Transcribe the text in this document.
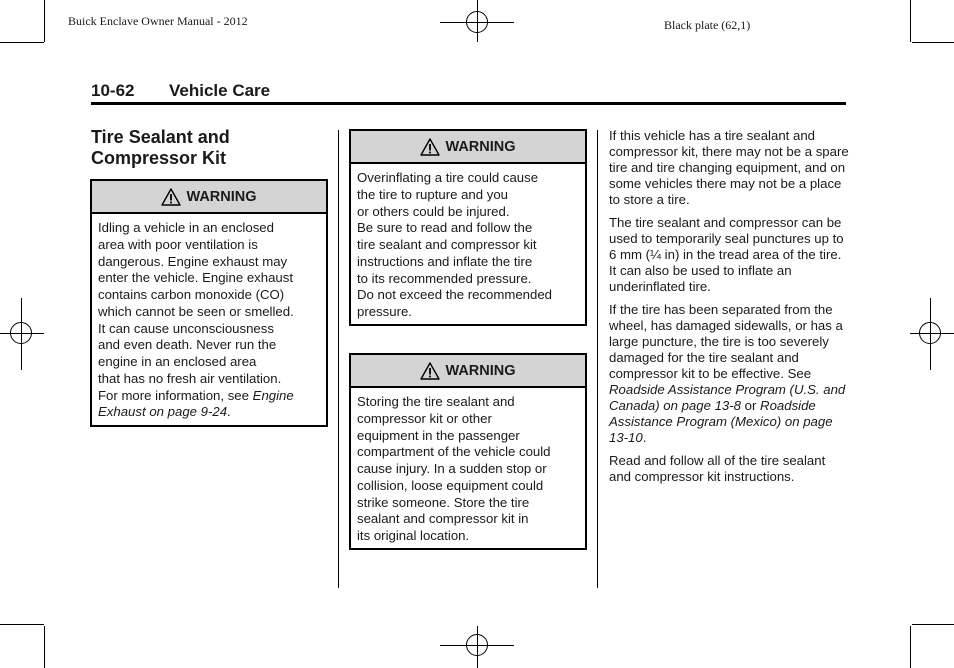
Buick Enclave Owner Manual - 2012	Black plate (62,1)
10-62 Vehicle Care
Tire Sealant and
Compressor Kit
WARNING

Idling a vehicle in an enclosed

area with poor ventilation is

dangerous. Engine exhaust may

enter the vehicle. Engine exhaust

contains carbon monoxide (CO)

which cannot be seen or smelled.

It can cause unconsciousness

and even death. Never run the

engine in an enclosed area

that has no fresh air ventilation.

For more information, see Engine

Exhaust on page 9-24.

WARNING

Overinflating a tire could cause

the tire to rupture and you

or others could be injured.

Be sure to read and follow the

tire sealant and compressor kit

instructions and inflate the tire

to its recommended pressure.

Do not exceed the recommended

pressure.

WARNING

Storing the tire sealant and

compressor kit or other

equipment in the passenger

compartment of the vehicle could

cause injury. In a sudden stop or

collision, loose equipment could

strike someone. Store the tire

sealant and compressor kit in

its original location.

If this vehicle has a tire sealant and compressor kit, there may not be a spare tire and tire changing equipment, and on some vehicles there may not be a place to store a tire.

The tire sealant and compressor can be used to temporarily seal punctures up to 6 mm (¼ in) in the tread area of the tire. It can also be used to inflate an underinflated tire.

If the tire has been separated from the wheel, has damaged sidewalls, or has a large puncture, the tire is too severely damaged for the tire sealant and compressor kit to be effective. See Roadside Assistance Program (U.S. and Canada) on page 13-8 or Roadside Assistance Program (Mexico) on page 13-10.

Read and follow all of the tire sealant and compressor kit instructions.
